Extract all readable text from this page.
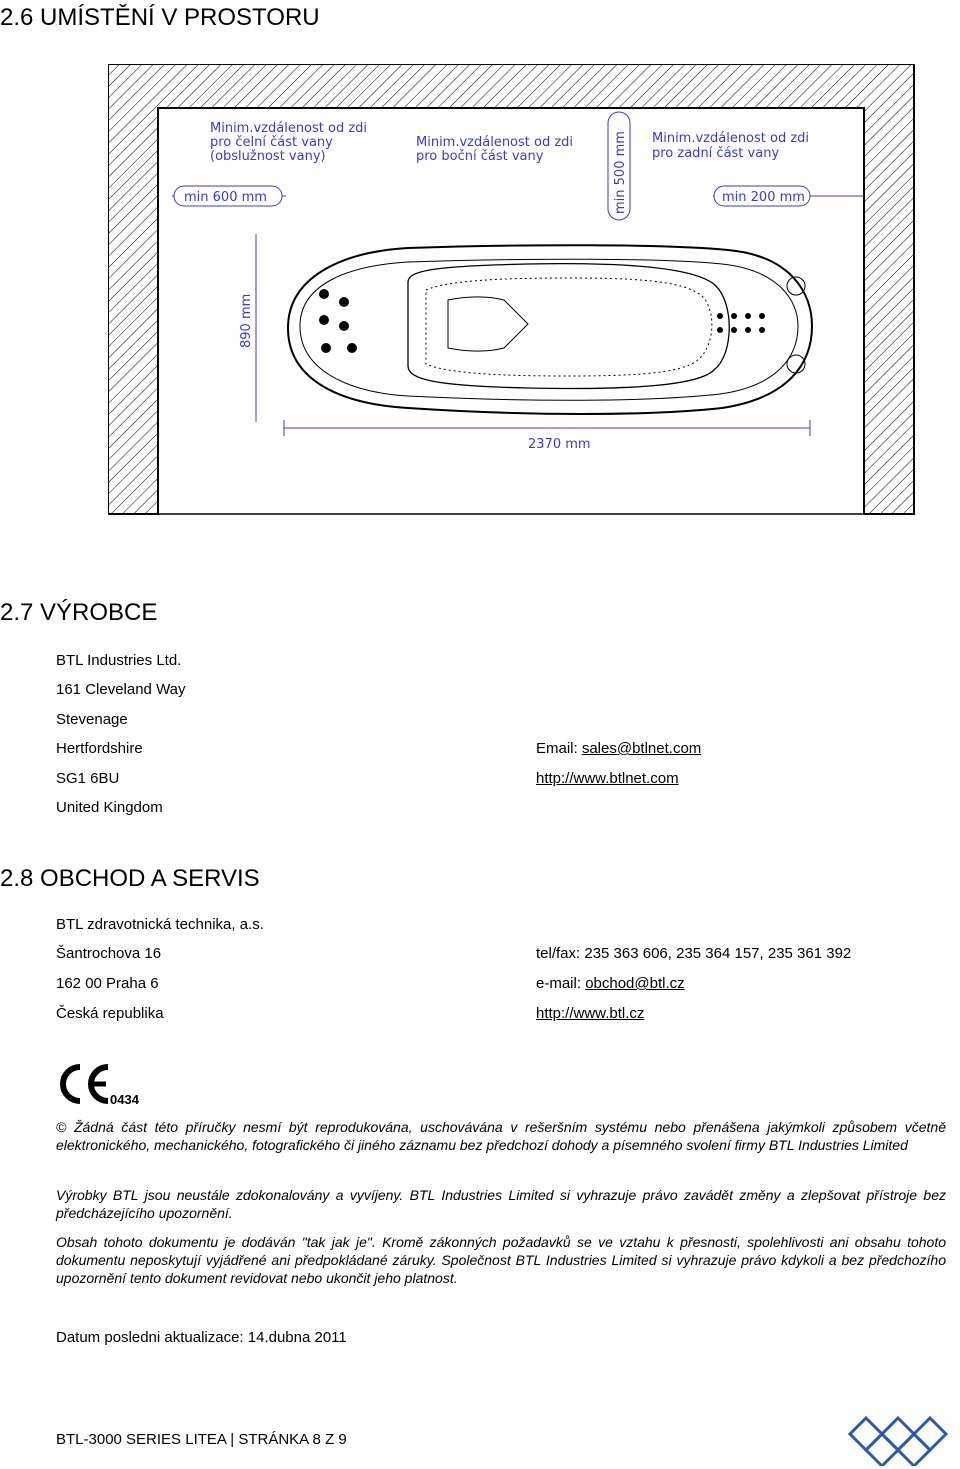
2.6 UMÍSTĚNÍ V PROSTORU
Minim.vzdálenost od zdi
pro čelní část vany
(obslužnost vany)
Minim.vzdálenost od zdi
pro boční část vany
Minim.vzdálenost od zdi
pro zadní část vany
min 600 mm	min 500 mm	min 200 mm
890 mm
2370 mm
2.7 VÝROBCE
BTL Industries Ltd.
161 Cleveland Way
Stevenage
Hertfordshire
SG1 6BU
United Kingdom
Email: sales@btlnet.com
http://www.btlnet.com
2.8 OBCHOD A SERVIS
BTL zdravotnická technika, a.s.
Šantrochova 16
162 00 Praha 6
Česká republika
tel/fax: 235 363 606, 235 364 157, 235 361 392
e-mail: obchod@btl.cz
http://www.btl.cz
0434
© Žádná část této příručky nesmí být reprodukována, uschovávána v rešeršním systému nebo přenášena jakýmkoli způsobem včetně elektronického, mechanického, fotografického či jiného záznamu bez předchozí dohody a písemného svolení firmy BTL Industries Limited
Výrobky BTL jsou neustále zdokonalovány a vyvíjeny. BTL Industries Limited si vyhrazuje právo zavádět změny a zlepšovat přístroje bez předcházejícího upozornění.
Obsah tohoto dokumentu je dodáván "tak jak je". Kromě zákonných požadavků se ve vztahu k přesnosti, spolehlivosti ani obsahu tohoto dokumentu neposkytují vyjádřené ani předpokládané záruky. Společnost BTL Industries Limited si vyhrazuje právo kdykoli a bez předchozího upozornění tento dokument revidovat nebo ukončit jeho platnost.
Datum posledni aktualizace: 14.dubna 2011
BTL-3000 SERIES LITEA | STRÁNKA 8 Z 9
